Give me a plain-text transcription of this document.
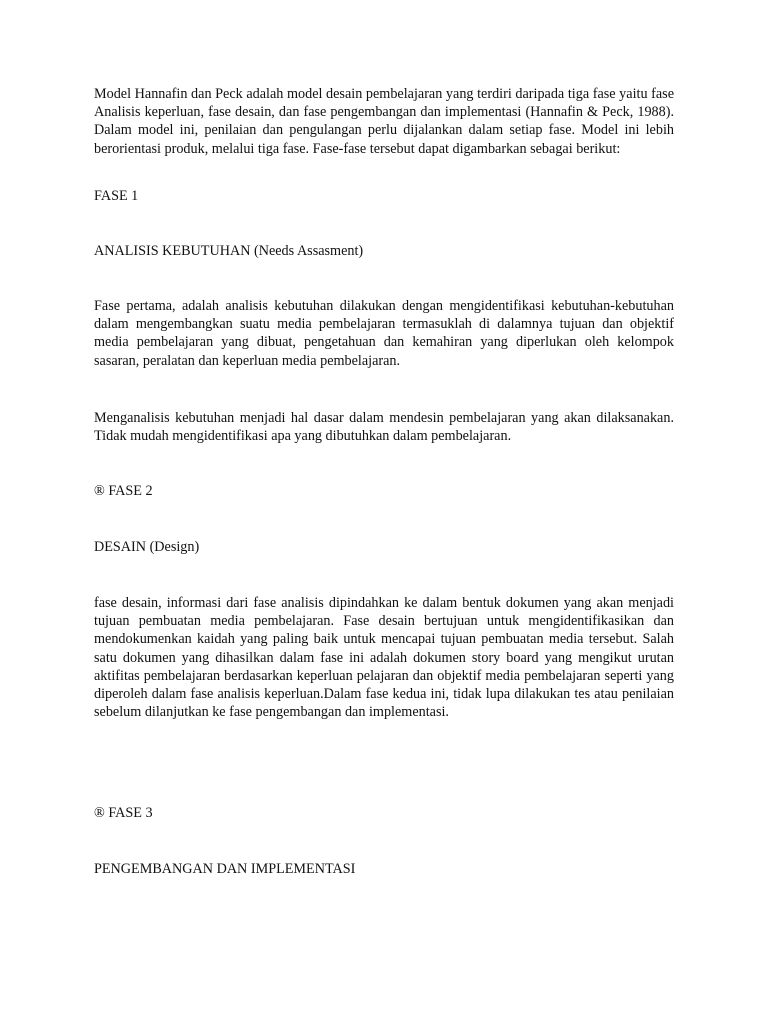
Model Hannafin dan Peck adalah model desain pembelajaran yang terdiri daripada tiga fase yaitu fase Analisis keperluan, fase desain, dan fase pengembangan dan implementasi (Hannafin & Peck, 1988). Dalam model ini, penilaian dan pengulangan perlu dijalankan dalam setiap fase. Model ini lebih berorientasi produk, melalui tiga fase. Fase-fase tersebut dapat digambarkan sebagai berikut:

FASE 1

ANALISIS KEBUTUHAN (Needs Assasment)

Fase pertama, adalah analisis kebutuhan dilakukan dengan mengidentifikasi kebutuhan-kebutuhan dalam mengembangkan suatu media pembelajaran termasuklah di dalamnya tujuan dan objektif media pembelajaran yang dibuat, pengetahuan dan kemahiran yang diperlukan oleh kelompok sasaran, peralatan dan keperluan media pembelajaran.

Menganalisis kebutuhan menjadi hal dasar dalam mendesin pembelajaran yang akan dilaksanakan. Tidak mudah mengidentifikasi apa yang dibutuhkan dalam pembelajaran.

® FASE 2

DESAIN (Design)

fase desain, informasi dari fase analisis dipindahkan ke dalam bentuk dokumen yang akan menjadi tujuan pembuatan media pembelajaran. Fase desain bertujuan untuk mengidentifikasikan dan mendokumenkan kaidah yang paling baik untuk mencapai tujuan pembuatan media tersebut. Salah satu dokumen yang dihasilkan dalam fase ini adalah dokumen story board yang mengikut urutan aktifitas pembelajaran berdasarkan keperluan pelajaran dan objektif media pembelajaran seperti yang diperoleh dalam fase analisis keperluan.Dalam fase kedua ini, tidak lupa dilakukan tes atau penilaian sebelum dilanjutkan ke fase pengembangan dan implementasi.

® FASE 3

PENGEMBANGAN DAN IMPLEMENTASI
